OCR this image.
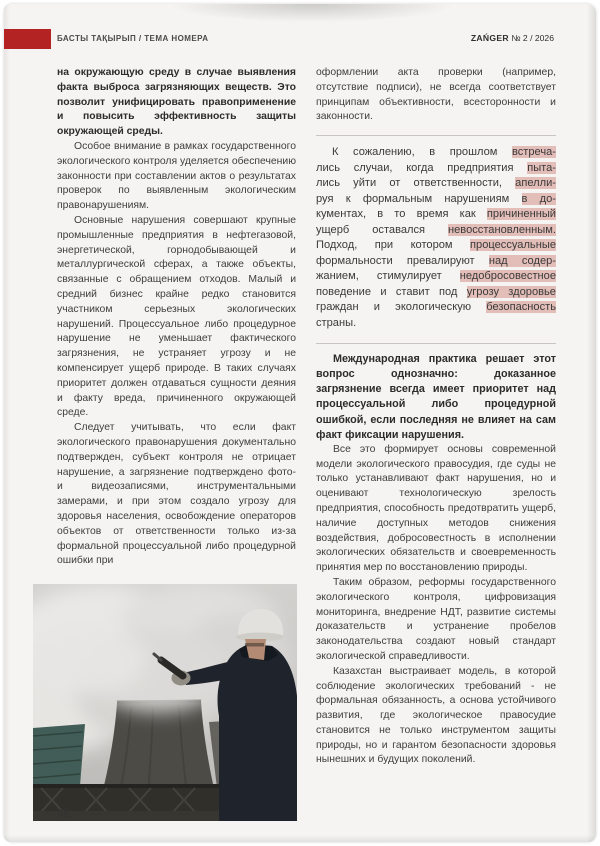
БАСТЫ ТАҚЫРЫП / ТЕМА НОМЕРА	ZAŃGER № 2 / 2026

на окружающую среду в случае выявления факта выброса загрязняющих веществ. Это позволит унифицировать правоприменение и повысить эффективность защиты окружающей среды.

Особое внимание в рамках государственного экологического контроля уделяется обеспечению законности при составлении актов о результатах проверок по выявленным экологическим правонарушениям.

Основные нарушения совершают крупные промышленные предприятия в нефтегазовой, энергетической, горнодобывающей и металлургической сферах, а также объекты, связанные с обращением отходов. Малый и средний бизнес крайне редко становится участником серьезных экологических нарушений. Процессуальное либо процедурное нарушение не уменьшает фактического загрязнения, не устраняет угрозу и не компенсирует ущерб природе. В таких случаях приоритет должен отдаваться сущности деяния и факту вреда, причиненного окружающей среде.

Следует учитывать, что если факт экологического правонарушения документально подтвержден, субъект контроля не отрицает нарушение, а загрязнение подтверждено фото- и видеозаписями, инструментальными замерами, и при этом создало угрозу для здоровья населения, освобождение операторов объектов от ответственности только из-за формальной процессуальной либо процедурной ошибки при

оформлении акта проверки (например, отсутствие подписи), не всегда соответствует принципам объективности, всесторонности и законности.

К сожалению, в прошлом встреча-
лись случаи, когда предприятия пыта-
лись уйти от ответственности, апелли-
руя к формальным нарушениям в до-
кументах, в то время как причиненный
ущерб оставался невосстановленным.
Подход, при котором процессуальные
формальности превалируют над содер-
жанием, стимулирует недобросовестное
поведение и ставит под угрозу здоровье
граждан и экологическую безопасность
страны.

Международная практика решает этот вопрос однозначно: доказанное загрязнение всегда имеет приоритет над процессуальной либо процедурной ошибкой, если последняя не влияет на сам факт фиксации нарушения.

Все это формирует основы современной модели экологического правосудия, где суды не только устанавливают факт нарушения, но и оценивают технологическую зрелость предприятия, способность предотвратить ущерб, наличие доступных методов снижения воздействия, добросовестность в исполнении экологических обязательств и своевременность принятия мер по восстановлению природы.

Таким образом, реформы государственного экологического контроля, цифровизация мониторинга, внедрение НДТ, развитие системы доказательств и устранение пробелов законодательства создают новый стандарт экологической справедливости.

Казахстан выстраивает модель, в которой соблюдение экологических требований - не формальная обязанность, а основа устойчивого развития, где экологическое правосудие становится не только инструментом защиты природы, но и гарантом безопасности здоровья нынешних и будущих поколений.

48
